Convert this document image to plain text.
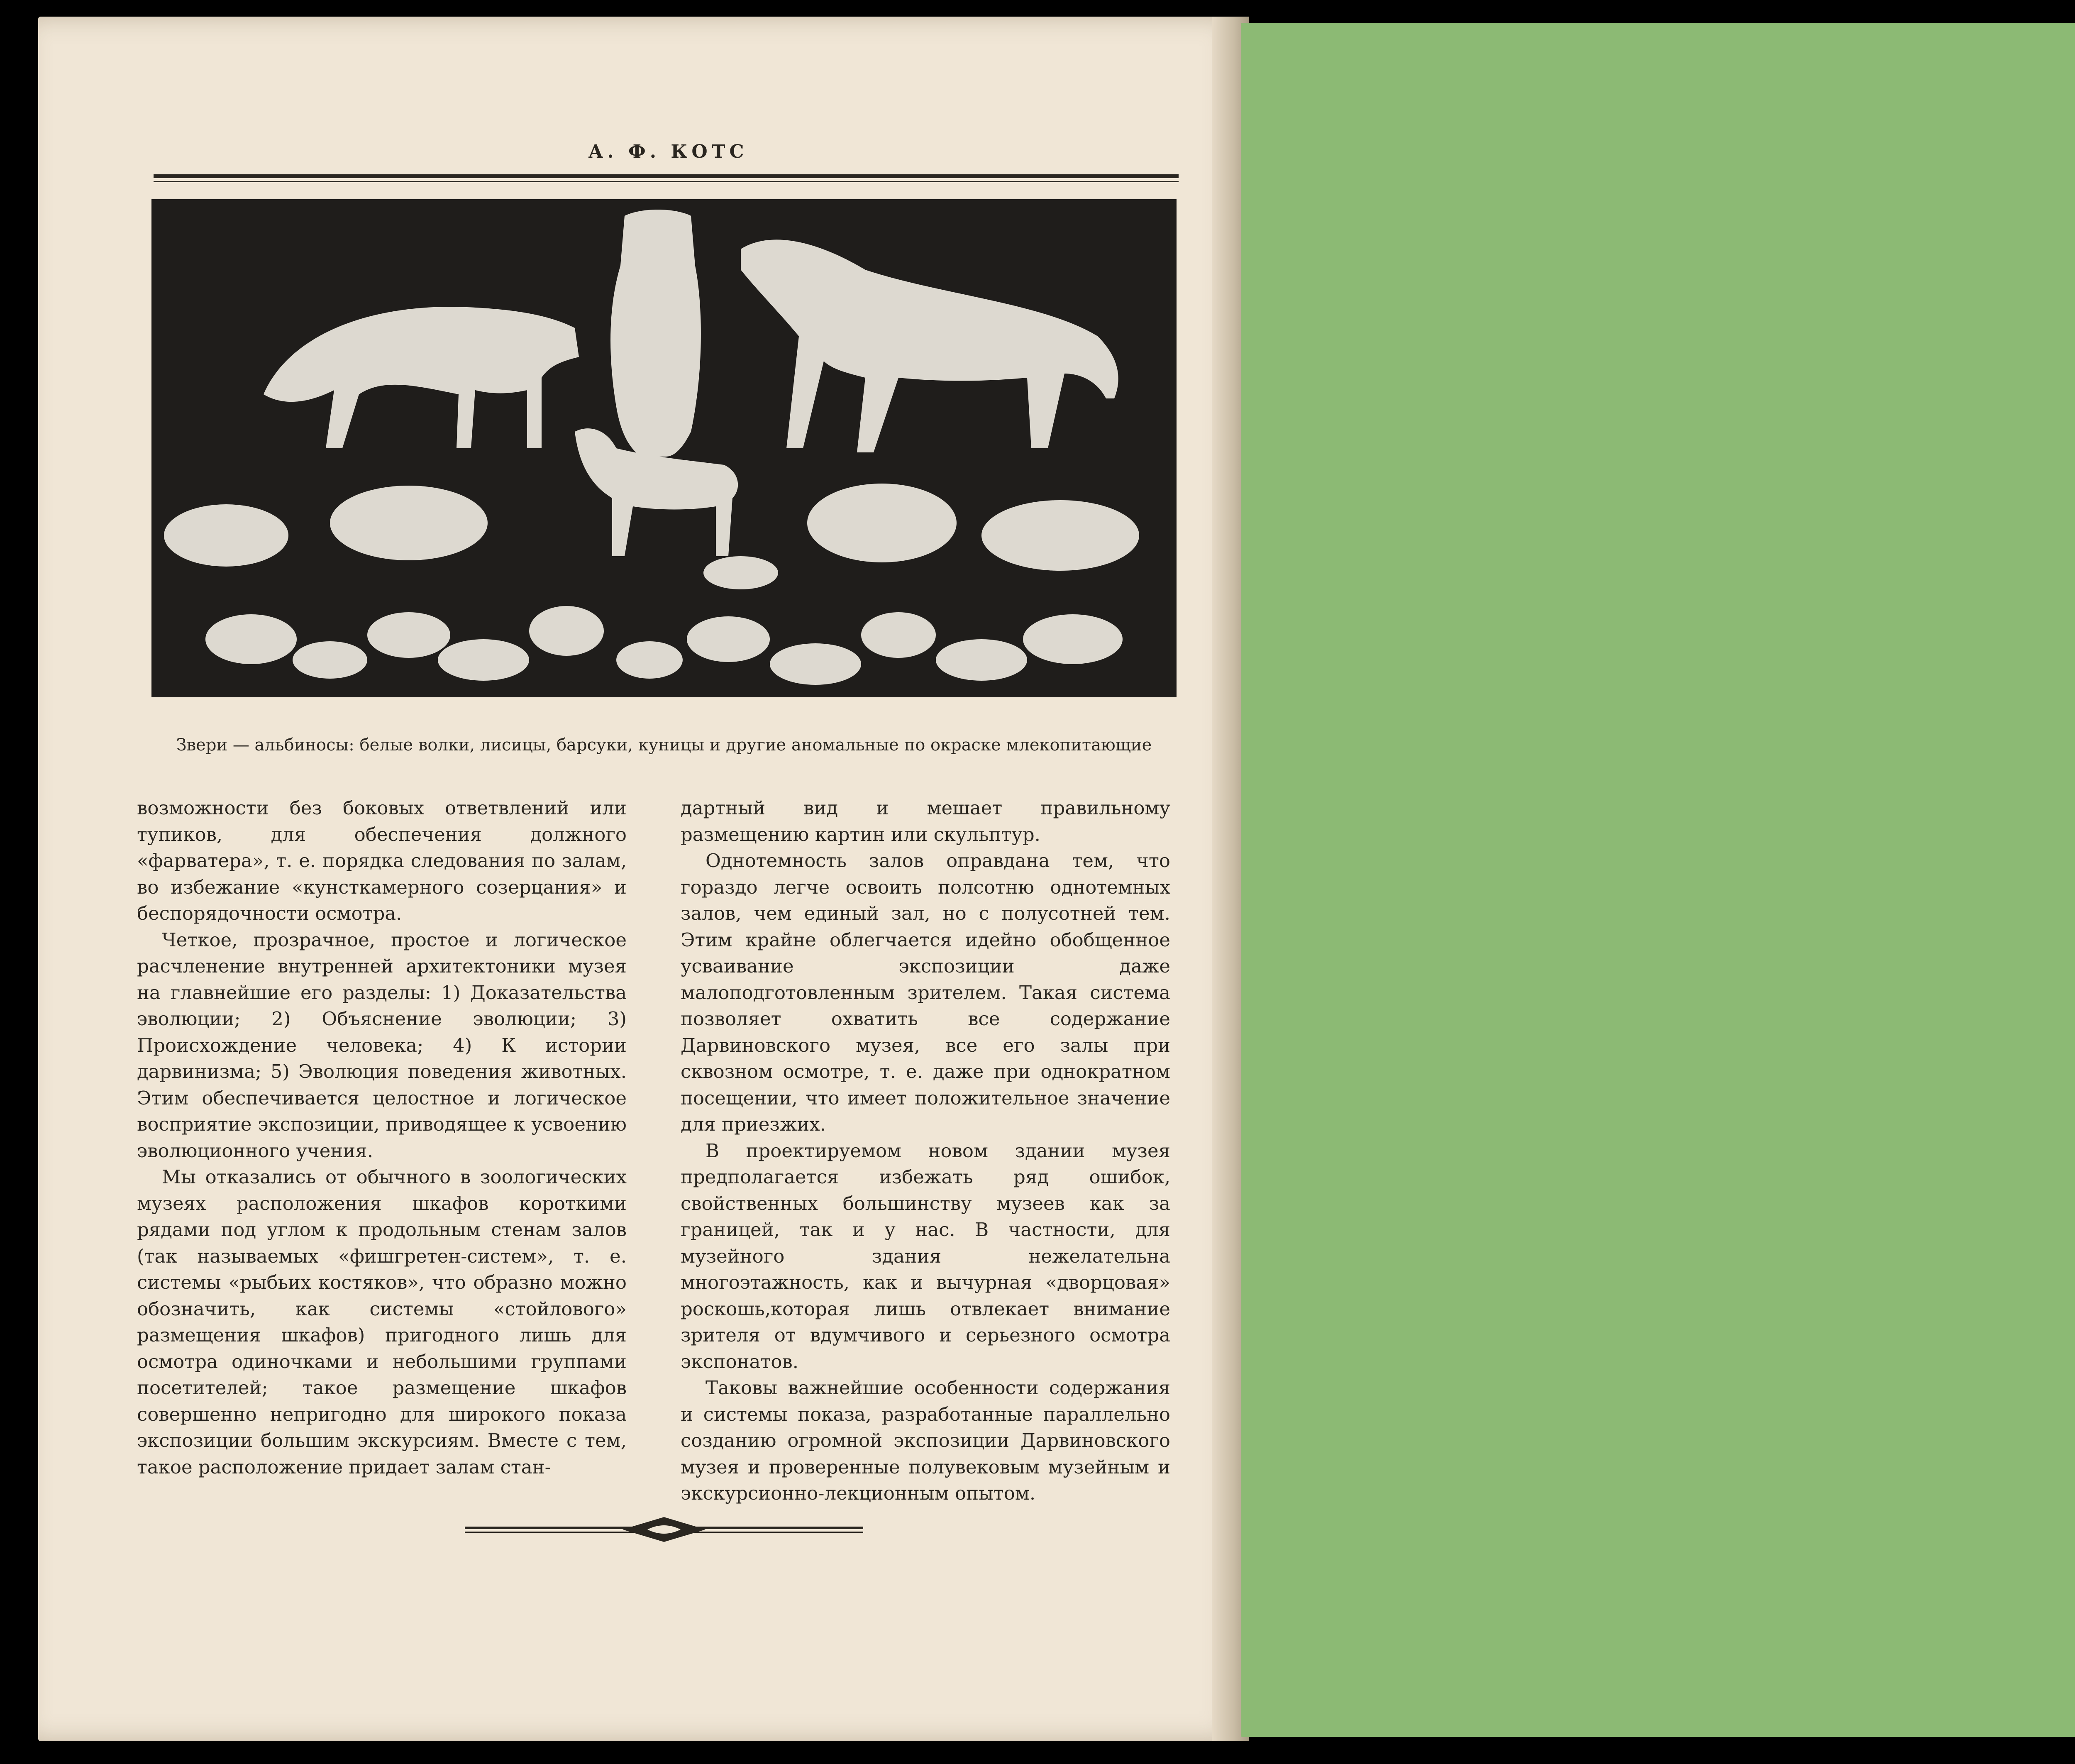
А. Ф. КОТС
Звери — альбиносы: белые волки, лисицы, барсуки, куницы и другие аномальные по окраске млекопитающие

возможности без боковых ответвлений или тупиков, для обеспечения должного «фарватера», т. е. порядка следования по залам, во избежание «кунсткамерного созерцания» и беспорядочности осмотра.

Четкое, прозрачное, простое и логическое расчленение внутренней архитектоники музея на главнейшие его разделы: 1) Доказательства эволюции; 2) Объяснение эволюции; 3) Происхождение человека; 4) К истории дарвинизма; 5) Эволюция поведения животных. Этим обеспечивается целостное и логическое восприятие экспозиции, приводящее к усвоению эволюционного учения.

Мы отказались от обычного в зоологических музеях расположения шкафов короткими рядами под углом к продольным стенам залов (так называемых «фишгретен-систем», т. е. системы «рыбьих костяков», что образно можно обозначить, как системы «стойлового» размещения шкафов) пригодного лишь для осмотра одиночками и небольшими группами посетителей; такое размещение шкафов совершенно непригодно для широкого показа экспозиции большим экскурсиям. Вместе с тем, такое расположение придает залам стан-

дартный вид и мешает правильному размещению картин или скульптур.

Однотемность залов оправдана тем, что гораздо легче освоить полсотню однотемных залов, чем единый зал, но с полусотней тем. Этим крайне облегчается идейно обобщенное усваивание экспозиции даже малоподготовленным зрителем. Такая система позволяет охватить все содержание Дарвиновского музея, все его залы при сквозном осмотре, т. е. даже при однократном посещении, что имеет положительное значение для приезжих.

В проектируемом новом здании музея предполагается избежать ряд ошибок, свойственных большинству музеев как за границей, так и у нас. В частности, для музейного здания нежелательна многоэтажность, как и вычурная «дворцовая» роскошь,которая лишь отвлекает внимание зрителя от вдумчивого и серьезного осмотра экспонатов.

Таковы важнейшие особенности содержания и системы показа, разработанные параллельно созданию огромной экспозиции Дарвиновского музея и проверенные полувековым музейным и экскурсионно-лекционным опытом.
